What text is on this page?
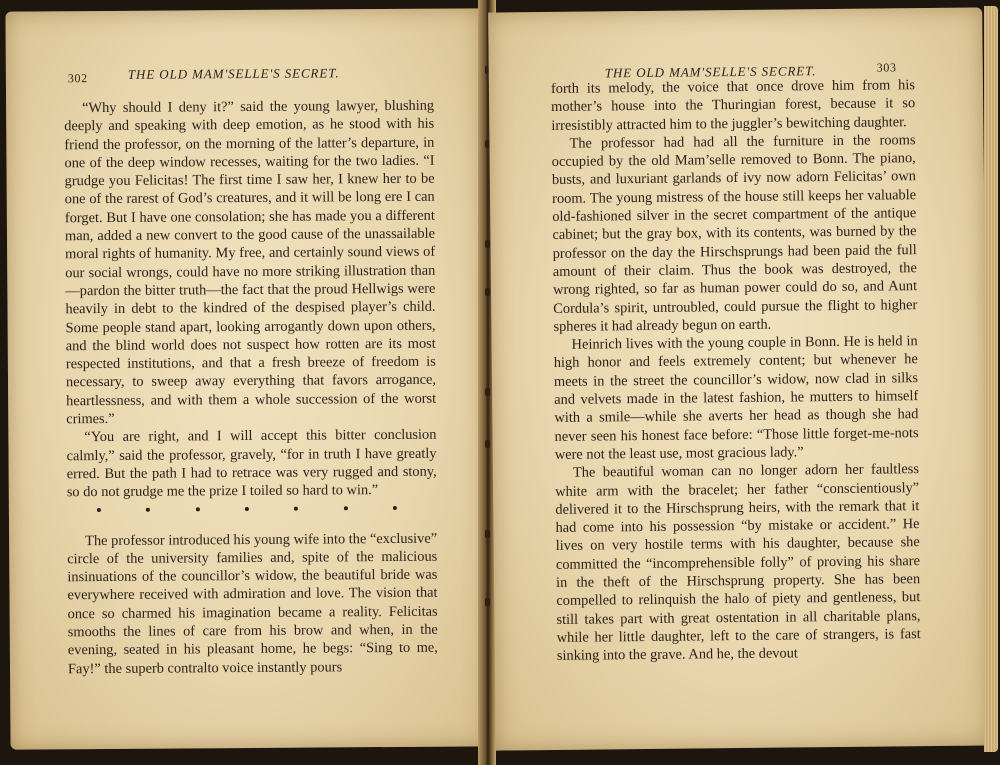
302	THE OLD MAM'SELLE'S SECRET.

“Why should I deny it?” said the young lawyer, blushing deeply and speaking with deep emotion, as he stood with his friend the professor, on the morning of the latter’s departure, in one of the deep window recesses, waiting for the two ladies. “I grudge you Felicitas! The first time I saw her, I knew her to be one of the rarest of God’s creatures, and it will be long ere I can forget. But I have one consolation; she has made you a different man, added a new convert to the good cause of the unassailable moral rights of humanity. My free, and certainly sound views of our social wrongs, could have no more striking illustration than—pardon the bitter truth—the fact that the proud Hellwigs were heavily in debt to the kindred of the despised player’s child. Some people stand apart, looking arrogantly down upon others, and the blind world does not suspect how rotten are its most respected institutions, and that a fresh breeze of freedom is necessary, to sweep away everything that favors arrogance, heartlessness, and with them a whole succession of the worst crimes.”

“You are right, and I will accept this bitter conclusion calmly,” said the professor, gravely, “for in truth I have greatly erred. But the path I had to retrace was very rugged and stony, so do not grudge me the prize I toiled so hard to win.”

The professor introduced his young wife into the “exclusive” circle of the university families and, spite of the malicious insinuations of the councillor’s widow, the beautiful bride was everywhere received with admiration and love. The vision that once so charmed his imagination became a reality. Felicitas smooths the lines of care from his brow and when, in the evening, seated in his pleasant home, he begs: “Sing to me, Fay!” the superb contralto voice instantly pours

THE OLD MAM'SELLE'S SECRET.	303

forth its melody, the voice that once drove him from his mother’s house into the Thuringian forest, because it so irresistibly attracted him to the juggler’s bewitching daughter.

The professor had had all the furniture in the rooms occupied by the old Mam’selle removed to Bonn. The piano, busts, and luxuriant garlands of ivy now adorn Felicitas’ own room. The young mistress of the house still keeps her valuable old-fashioned silver in the secret compartment of the antique cabinet; but the gray box, with its contents, was burned by the professor on the day the Hirschsprungs had been paid the full amount of their claim. Thus the book was destroyed, the wrong righted, so far as human power could do so, and Aunt Cordula’s spirit, untroubled, could pursue the flight to higher spheres it had already begun on earth.

Heinrich lives with the young couple in Bonn. He is held in high honor and feels extremely content; but whenever he meets in the street the councillor’s widow, now clad in silks and velvets made in the latest fashion, he mutters to himself with a smile—while she averts her head as though she had never seen his honest face before: “Those little forget-me-nots were not the least use, most gracious lady.”

The beautiful woman can no longer adorn her faultless white arm with the bracelet; her father “conscientiously” delivered it to the Hirschsprung heirs, with the remark that it had come into his possession “by mistake or accident.” He lives on very hostile terms with his daughter, because she committed the “incomprehensible folly” of proving his share in the theft of the Hirschsprung property. She has been compelled to relinquish the halo of piety and gentleness, but still takes part with great ostentation in all charitable plans, while her little daughter, left to the care of strangers, is fast sinking into the grave. And he, the devout
